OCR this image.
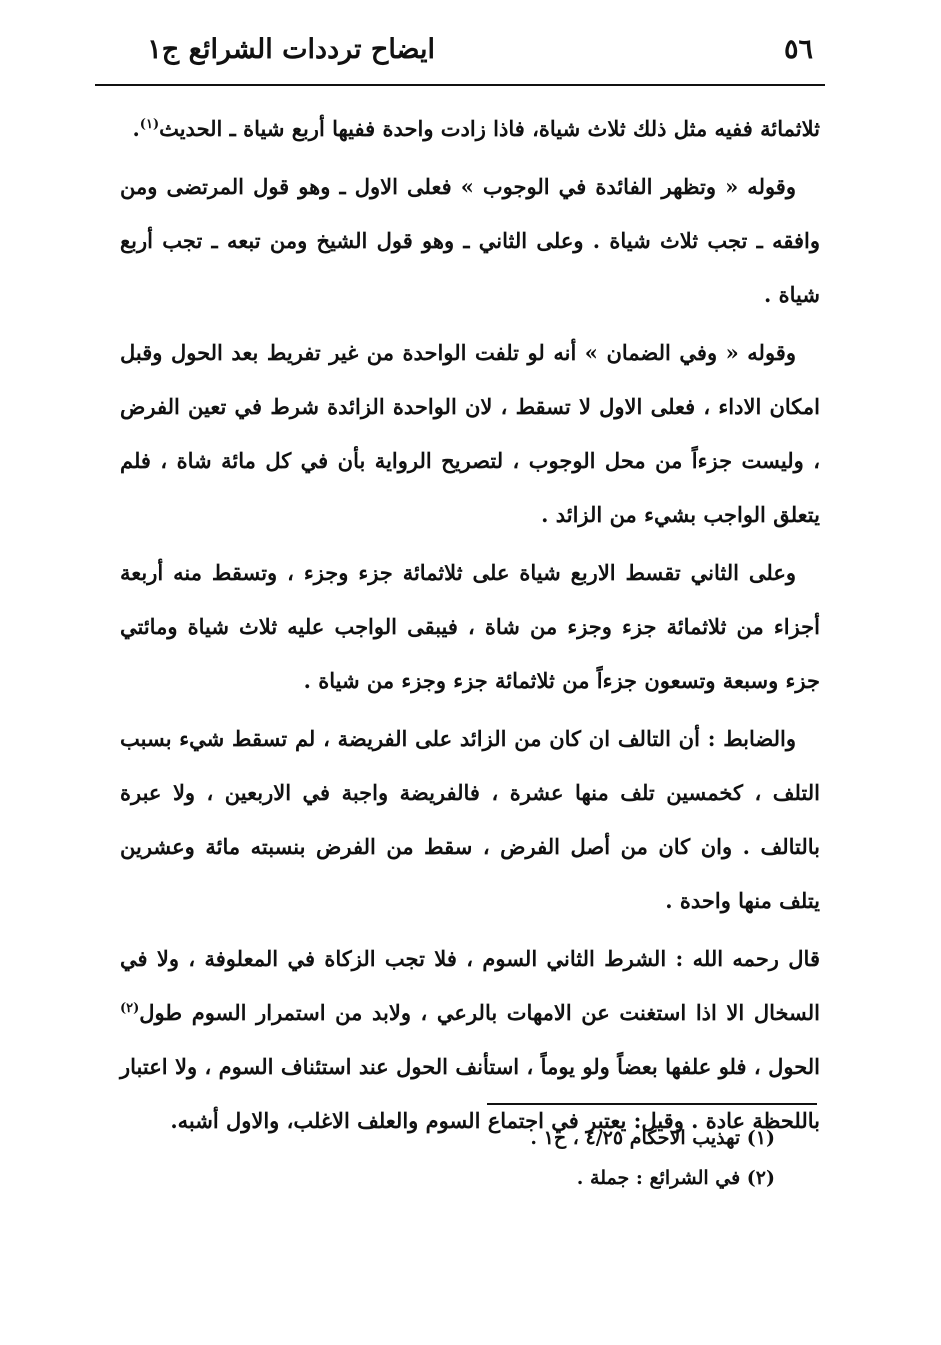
ايضاح ترددات الشرائع ج١	٥٦

ثلاثمائة ففيه مثل ذلك ثلاث شياة، فاذا زادت واحدة ففيها أربع شياة ـ الحديث$^{(١)}$.

وقوله « وتظهر الفائدة في الوجوب » فعلى الاول ـ وهو قول المرتضى ومن وافقه ـ تجب ثلاث شياة . وعلى الثاني ـ وهو قول الشيخ ومن تبعه ـ تجب أربع شياة .

وقوله « وفي الضمان » أنه لو تلفت الواحدة من غير تفريط بعد الحول وقبل امكان الاداء ، فعلى الاول لا تسقط ، لان الواحدة الزائدة شرط في تعين الفرض ، وليست جزءاً من محل الوجوب ، لتصريح الرواية بأن في كل مائة شاة ، فلم يتعلق الواجب بشيء من الزائد .

وعلى الثاني تقسط الاربع شياة على ثلاثمائة جزء وجزء ، وتسقط منه أربعة أجزاء من ثلاثمائة جزء وجزء من شاة ، فيبقى الواجب عليه ثلاث شياة ومائتي جزء وسبعة وتسعون جزءاً من ثلاثمائة جزء وجزء من شياة .

والضابط : أن التالف ان كان من الزائد على الفريضة ، لم تسقط شيء بسبب التلف ، كخمسين تلف منها عشرة ، فالفريضة واجبة في الاربعين ، ولا عبرة بالتالف . وان كان من أصل الفرض ، سقط من الفرض بنسبته مائة وعشرين يتلف منها واحدة .

قال رحمه الله : الشرط الثاني السوم ، فلا تجب الزكاة في المعلوفة ، ولا في السخال الا اذا استغنت عن الامهات بالرعي ، ولابد من استمرار السوم طول$^{(٢)}$ الحول ، فلو علفها بعضاً ولو يوماً ، استأنف الحول عند استئناف السوم ، ولا اعتبار باللحظة عادة . وقيل: يعتبر في اجتماع السوم والعلف الاغلب، والاول أشبه.

(١) تهذيب الاحكام ٤/٢٥ ، ح١ .
(٢) في الشرائع : جملة .
